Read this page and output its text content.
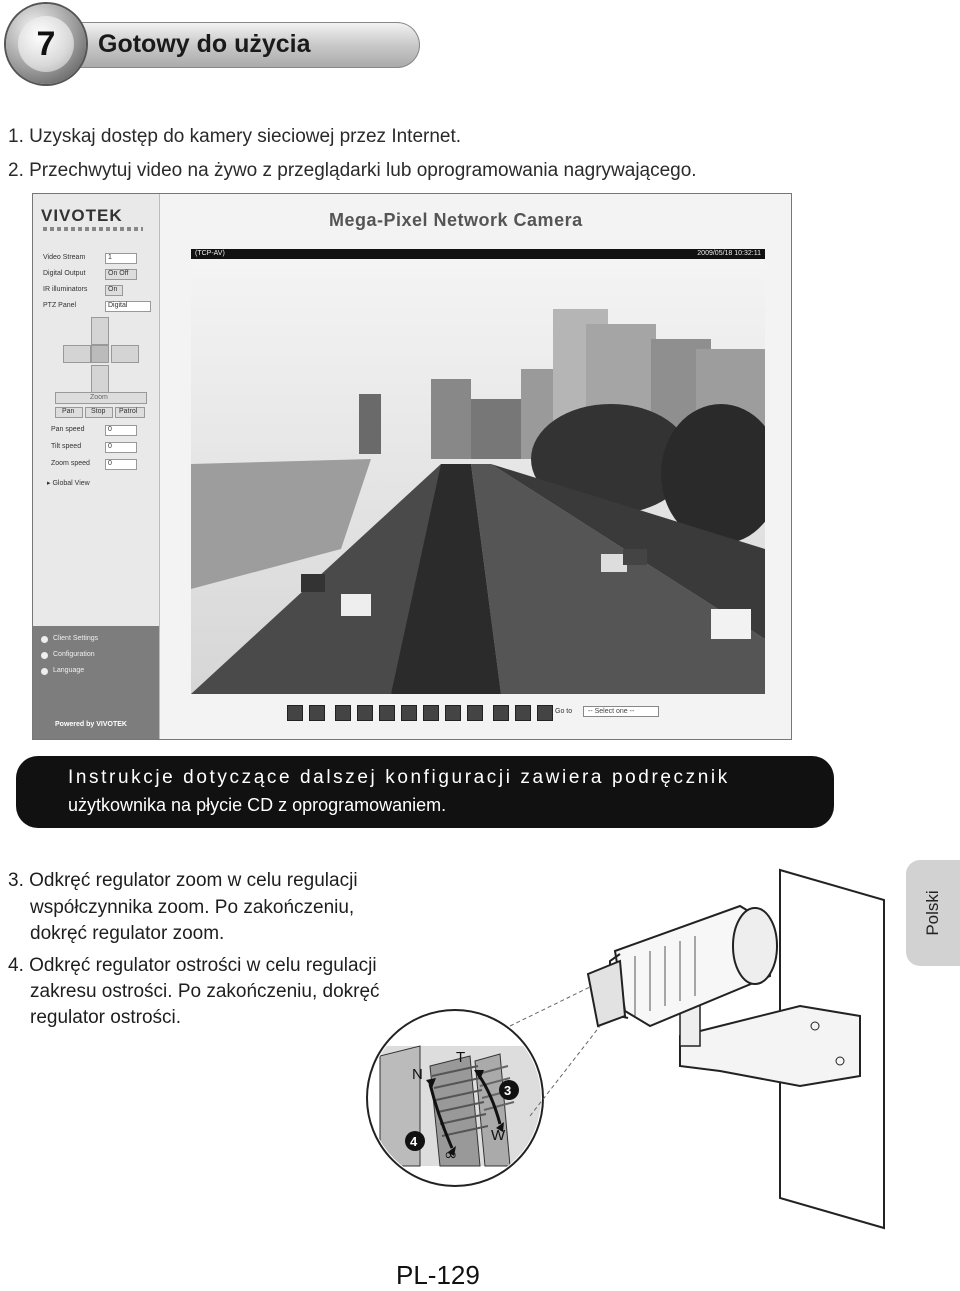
7	Gotowy do użycia

1. Uzyskaj dostęp do kamery sieciowej przez Internet.

2. Przechwytuj video na żywo z przeglądarki lub oprogramowania nagrywającego.

VIVOTEK
Video Stream	1
Digital Output	On Off
IR illuminators	On
PTZ Panel	Digital
Zoom
Pan Stop Patrol
Pan speed	0
Tilt speed	0
Zoom speed	0
▸ Global View
Client Settings
Configuration
Language
Powered by VIVOTEK
Mega-Pixel Network Camera
(TCP-AV)	2009/05/18 10:32:11
Go to	-- Select one --
Instrukcje dotyczące dalszej konfiguracji zawiera podręcznik
użytkownika na płycie CD z oprogramowaniem.

3. Odkręć regulator zoom w celu regulacji

współczynnika zoom. Po zakończeniu,

dokręć regulator zoom.

4. Odkręć regulator ostrości w celu regulacji

zakresu ostrości. Po zakończeniu, dokręć

regulator ostrości.

Polski
N
T
W
∞
3
4
PL-129
